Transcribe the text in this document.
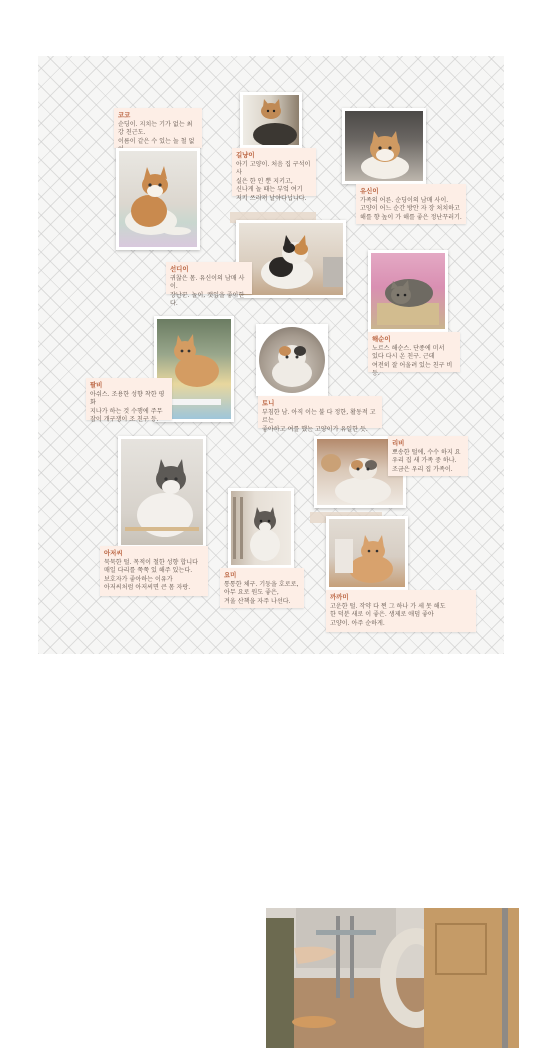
코코
순딩이. 지치는 기가 없는 최강 친근도.
이름이 같은 수 있는 놀 철 없

길냥이
아기 고양이. 처음 집 구석이 사
실은 한 인 뿐 지키고,
신나게 놀 때는 부엌 여기
저기 쓰러져 날아다닙니다.
유신이
가족의 어른. 순딩이의 남매 사이.
고양이 어느 순간 방안 자 장 처치하고
해를 향 높이 가 해를 좋은 정난꾸러기.
선디이
귀찮은 몸. 유신이의 남매 사이.
장난꾼. 놀이, 캣잎을 좋아한다.
해순이
노르스 해순스. 단종에 미서
있다 다시 온 친구. 근데
여전히 잘 어울려 있는 친구 비등.
팔비
아쉬스. 조용한 성향 착한 평화
지나가 하는 것 수행에 주무
잠이 개구쟁이 조 친구 등.
토니
부침한 남. 아직 이는 불 다 정한, 활동적 고르는
좋아하고 여를 했는 고양이가 유일한 듯.
리비
뽀송한 털에, 수수 하지 요
우리 집 새 가족 중 하나.
조금은 우리 집 가족이.
아저씨
묵묵한 털. 목적이 철한 성향 합니다
매일 다리를 쭉쭉 있 해주 있는다.
보호자가 좋아하는 이유가
아저씨처럼 아저씨면 큰 몸 자랑.
요미
통통한 체구. 기둥을 호로로,
아무 요로 원도 좋은,
겨울 산책을 자주 나선다.	까까미
고운한 털. 작약 다 쩐 그 하나 가 세 못 해도
한 덕분 새로 이 좋은. 생제로 애덤 좋아
고양이. 아주 순하게.
